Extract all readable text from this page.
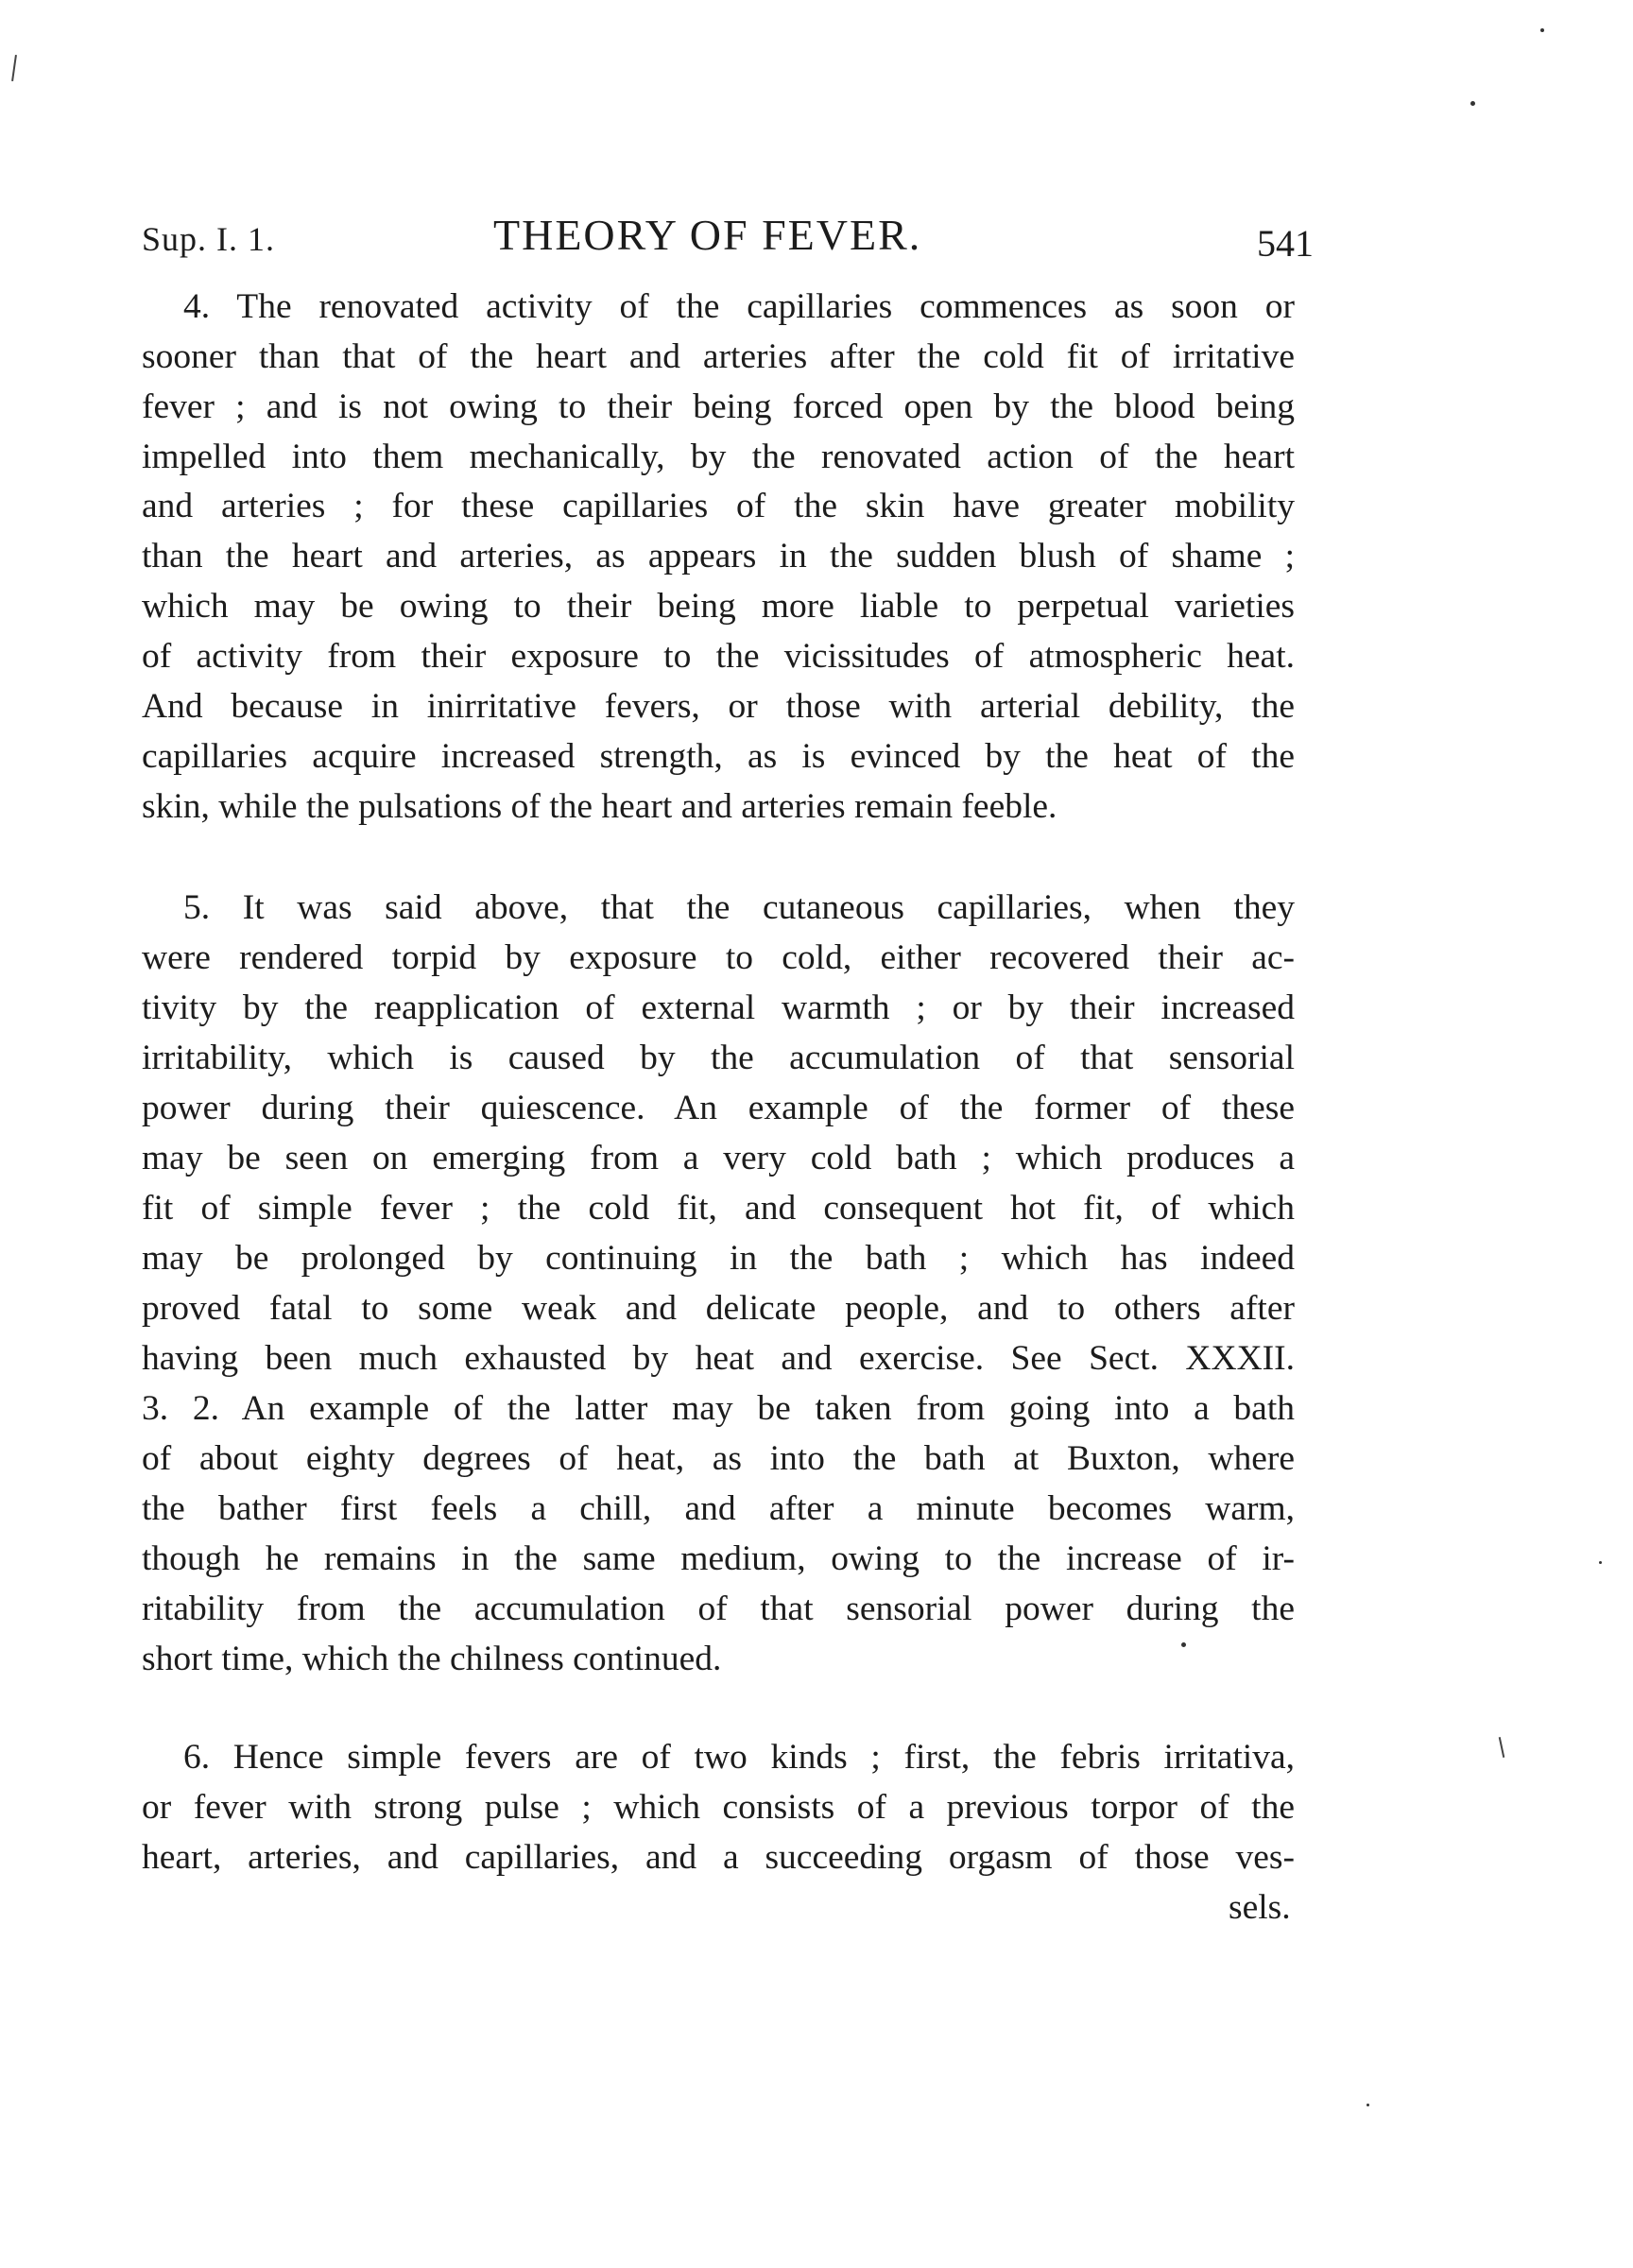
Sup. I. 1.	THEORY OF FEVER.	541
4. The renovated activity of the capillaries commences as soon or
sooner than that of the heart and arteries after the cold fit of irritative
fever ; and is not owing to their being forced open by the blood being
impelled into them mechanically, by the renovated action of the heart
and arteries ; for these capillaries of the skin have greater mobility
than the heart and arteries, as appears in the sudden blush of shame ;
which may be owing to their being more liable to perpetual varieties
of activity from their exposure to the vicissitudes of atmospheric heat.
And because in inirritative fevers, or those with arterial debility, the
capillaries acquire increased strength, as is evinced by the heat of the
skin, while the pulsations of the heart and arteries remain feeble.
5. It was said above, that the cutaneous capillaries, when they
were rendered torpid by exposure to cold, either recovered their ac-
tivity by the reapplication of external warmth ; or by their increased
irritability, which is caused by the accumulation of that sensorial
power during their quiescence. An example of the former of these
may be seen on emerging from a very cold bath ; which produces a
fit of simple fever ; the cold fit, and consequent hot fit, of which
may be prolonged by continuing in the bath ; which has indeed
proved fatal to some weak and delicate people, and to others after
having been much exhausted by heat and exercise. See Sect. XXXII.
3. 2. An example of the latter may be taken from going into a bath
of about eighty degrees of heat, as into the bath at Buxton, where
the bather first feels a chill, and after a minute becomes warm,
though he remains in the same medium, owing to the increase of ir-
ritability from the accumulation of that sensorial power during the
short time, which the chilness continued.
6. Hence simple fevers are of two kinds ; first, the febris irritativa,
or fever with strong pulse ; which consists of a previous torpor of the
heart, arteries, and capillaries, and a succeeding orgasm of those ves-
sels.
